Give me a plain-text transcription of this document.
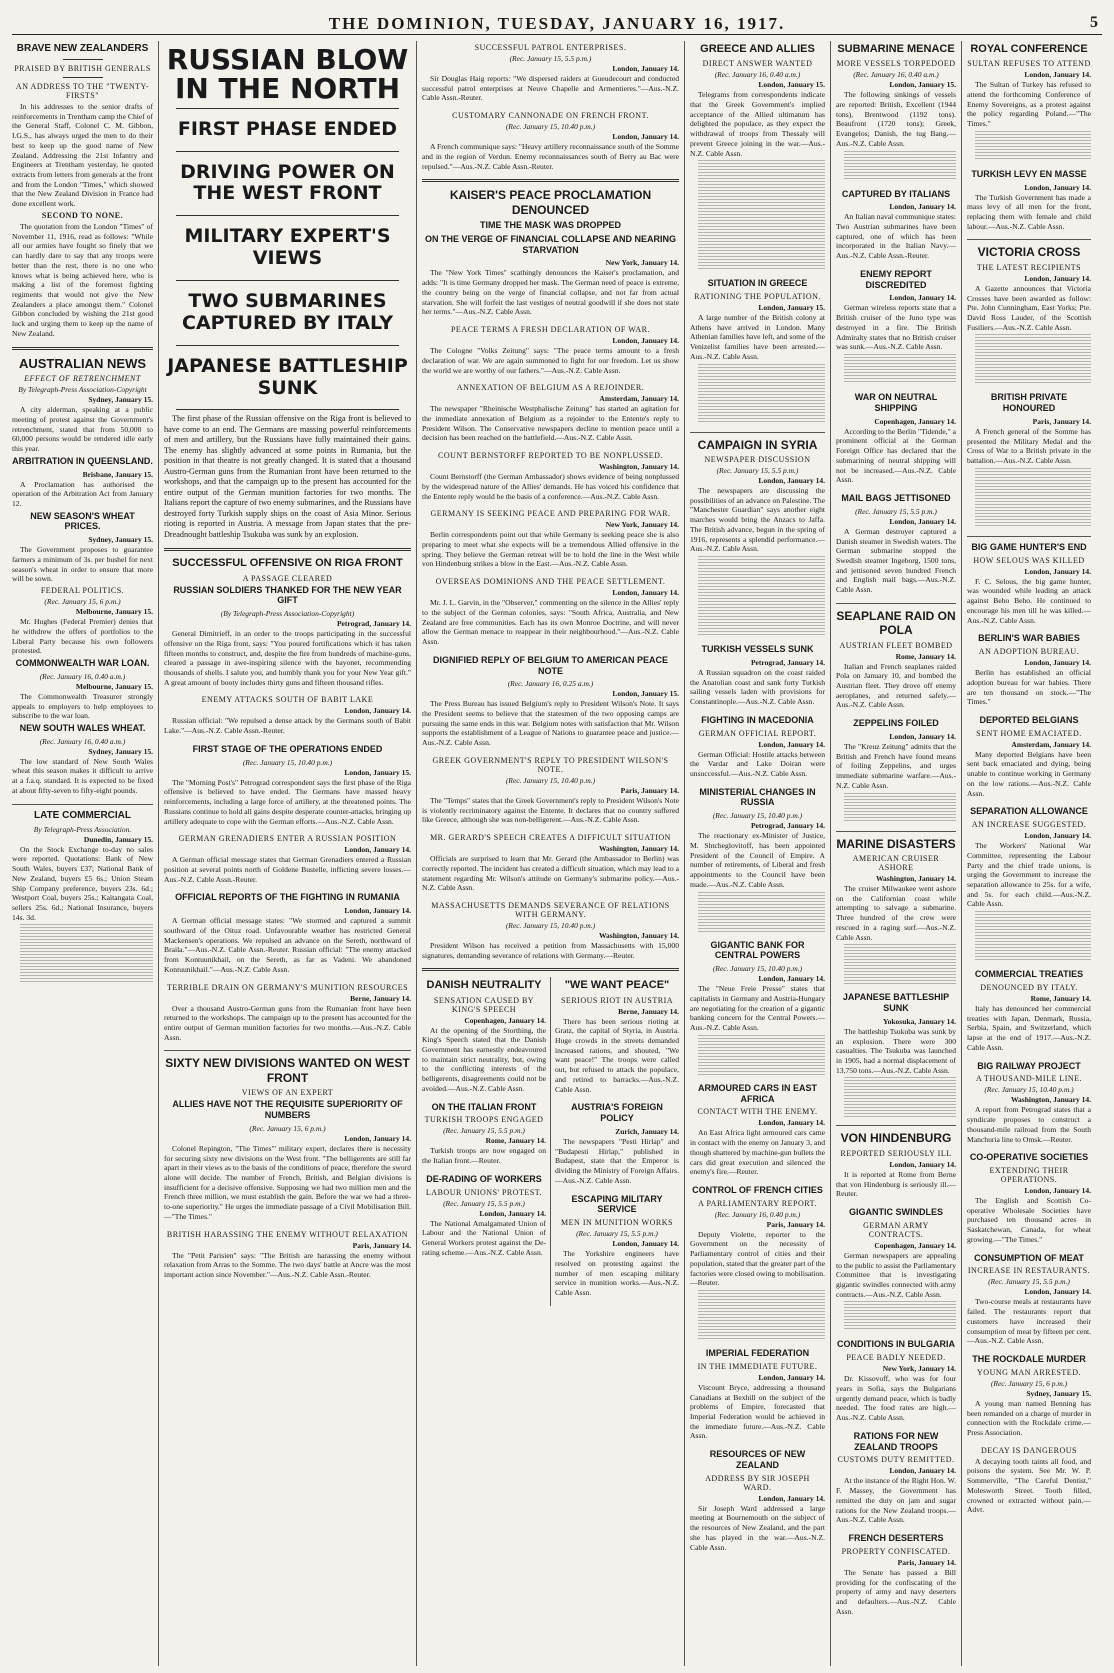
THE DOMINION, TUESDAY, JANUARY 16, 1917.	5
BRAVE NEW ZEALANDERS
PRAISED BY BRITISH GENERALS
AN ADDRESS TO THE "TWENTY-FIRSTS"

In his addresses to the senior drafts of reinforcements in Trentham camp the Chief of the General Staff, Colonel C. M. Gibbon, I.G.S., has always urged the men to do their best to keep up the good name of New Zealand. Addressing the 21st Infantry and Engineers at Trentham yesterday, he quoted extracts from letters from generals at the front and from the London "Times," which showed that the New Zealand Division in France had done excellent work.

SECOND TO NONE.

The quotation from the London "Times" of November 11, 1916, read as follows: "While all our armies have fought so finely that we can hardly dare to say that any troops were better than the rest, there is no one who knows what is being achieved here, who is making a list of the foremost fighting regiments that would not give the New Zealanders a place amongst them." Colonel Gibbon concluded by wishing the 21st good luck and urging them to keep up the name of New Zealand.

AUSTRALIAN NEWS
EFFECT OF RETRENCHMENT
By Telegraph-Press Association-Copyright
Sydney, January 15.

A city alderman, speaking at a public meeting of protest against the Government's retrenchment, stated that from 50,000 to 60,000 persons would be rendered idle early this year.

ARBITRATION IN QUEENSLAND.
Brisbane, January 15.

A Proclamation has authorised the operation of the Arbitration Act from January 12.

NEW SEASON'S WHEAT PRICES.
Sydney, January 15.

The Government proposes to guarantee farmers a minimum of 3s. per bushel for next season's wheat in order to ensure that more will be sown.

FEDERAL POLITICS.
(Rec. January 15, 6 p.m.)
Melbourne, January 15.

Mr. Hughes (Federal Premier) denies that he withdrew the offers of portfolios to the Liberal Party because his own followers protested.

COMMONWEALTH WAR LOAN.
(Rec. January 16, 0.40 a.m.)
Melbourne, January 15.

The Commonwealth Treasurer strongly appeals to employers to help employees to subscribe to the war loan.

NEW SOUTH WALES WHEAT.
(Rec. January 16, 0.40 a.m.)
Sydney, January 15.

The low standard of New South Wales wheat this season makes it difficult to arrive at a f.a.q. standard. It is expected to be fixed at about fifty-seven to fifty-eight pounds.

LATE COMMERCIAL
By Telegraph-Press Association.
Dunedin, January 15.

On the Stock Exchange to-day no sales were reported. Quotations: Bank of New South Wales, buyers £37; National Bank of New Zealand, buyers £5 6s.; Union Steam Ship Company preference, buyers 23s. 6d.; Westport Coal, buyers 25s.; Kaitangata Coal, sellers 25s. 6d.; National Insurance, buyers 14s. 3d.

RUSSIAN BLOW IN THE NORTH
FIRST PHASE ENDED
DRIVING POWER ON THE WEST FRONT
MILITARY EXPERT'S VIEWS
TWO SUBMARINES CAPTURED BY ITALY
JAPANESE BATTLESHIP SUNK

The first phase of the Russian offensive on the Riga front is believed to have come to an end. The Germans are massing powerful reinforcements of men and artillery, but the Russians have fully maintained their gains. The enemy has slightly advanced at some points in Rumania, but the position in that theatre is not greatly changed. It is stated that a thousand Austro-German guns from the Rumanian front have been returned to the workshops, and that the campaign up to the present has accounted for the entire output of the German munition factories for two months. The Italians report the capture of two enemy submarines, and the Russians have destroyed forty Turkish supply ships on the coast of Asia Minor. Serious rioting is reported in Austria. A message from Japan states that the pre-Dreadnought battleship Tsukuba was sunk by an explosion.

SUCCESSFUL OFFENSIVE ON RIGA FRONT
A PASSAGE CLEARED
RUSSIAN SOLDIERS THANKED FOR THE NEW YEAR GIFT
(By Telegraph-Press Association-Copyright)
Petrograd, January 14.

General Dimitrieff, in an order to the troops participating in the successful offensive on the Riga front, says: "You poured fortifications which it has taken fifteen months to construct, and, despite the fire from hundreds of machine-guns, cleared a passage in awe-inspiring silence with the bayonet, recommending thousands of shells. I salute you, and humbly thank you for your New Year gift." A great amount of booty includes thirty guns and fifteen thousand rifles.

ENEMY ATTACKS SOUTH OF BABIT LAKE
London, January 14.

Russian official: "We repulsed a dense attack by the Germans south of Babit Lake."—Aus.-N.Z. Cable Assn.-Reuter.

FIRST STAGE OF THE OPERATIONS ENDED
(Rec. January 15, 10.40 p.m.)
London, January 15.

The "Morning Post's" Petrograd correspondent says the first phase of the Riga offensive is believed to have ended. The Germans have massed heavy reinforcements, including a large force of artillery, at the threatened points. The Russians continue to hold all gains despite desperate counter-attacks, bringing up artillery adequate to cope with the German efforts.—Aus.-N.Z. Cable Assn.

GERMAN GRENADIERS ENTER A RUSSIAN POSITION
London, January 14.

A German official message states that German Grenadiers entered a Russian position at several points north of Goldene Bustelle, inflicting severe losses.—Aus.-N.Z. Cable Assn.-Reuter.

OFFICIAL REPORTS OF THE FIGHTING IN RUMANIA
London, January 14.

A German official message states: "We stormed and captured a summit southward of the Oituz road. Unfavourable weather has restricted General Mackensen's operations. We repulsed an advance on the Sereth, northward of Braila."—Aus.-N.Z. Cable Assn.-Reuter. Russian official: "The enemy attacked from Kontuunikhail, on the Sereth, as far as Vadeni. We abandoned Kontuunikhail."—Aus.-N.Z. Cable Assn.

TERRIBLE DRAIN ON GERMANY'S MUNITION RESOURCES
Berne, January 14.

Over a thousand Austro-German guns from the Rumanian front have been returned to the workshops. The campaign up to the present has accounted for the entire output of German munition factories for two months.—Aus.-N.Z. Cable Assn.

SIXTY NEW DIVISIONS WANTED ON WEST FRONT
VIEWS OF AN EXPERT
ALLIES HAVE NOT THE REQUISITE SUPERIORITY OF NUMBERS
(Rec. January 15, 6 p.m.)
London, January 14.

Colonel Repington, "The Times'" military expert, declares there is necessity for securing sixty new divisions on the West front. "The belligerents are still far apart in their views as to the basis of the conditions of peace, therefore the sword alone will decide. The number of French, British, and Belgian divisions is insufficient for a decisive offensive. Supposing we had two million men and the French three million, we must establish the gain. Before the war we had a three-to-one superiority." He urges the immediate passage of a Civil Mobilisation Bill.—"The Times."

BRITISH HARASSING THE ENEMY WITHOUT RELAXATION
Paris, January 14.

The "Petit Parisien" says: "The British are harassing the enemy without relaxation from Arras to the Somme. The two days' battle at Ancre was the most important action since November."—Aus.-N.Z. Cable Assn.-Reuter.

SUCCESSFUL PATROL ENTERPRISES.
(Rec. January 15, 5.5 p.m.)
London, January 14.

Sir Douglas Haig reports: "We dispersed raiders at Gueudecourt and conducted successful patrol enterprises at Neuve Chapelle and Armentieres."—Aus.-N.Z. Cable Assn.-Reuter.

CUSTOMARY CANNONADE ON FRENCH FRONT.
(Rec. January 15, 10.40 p.m.)
London, January 14.

A French communique says: "Heavy artillery reconnaissance south of the Somme and in the region of Verdun. Enemy reconnaissances south of Berry au Bac were repulsed."—Aus.-N.Z. Cable Assn.-Reuter.

KAISER'S PEACE PROCLAMATION DENOUNCED
TIME THE MASK WAS DROPPED
ON THE VERGE OF FINANCIAL COLLAPSE AND NEARING STARVATION
New York, January 14.

The "New York Times" scathingly denounces the Kaiser's proclamation, and adds: "It is time Germany dropped her mask. The German need of peace is extreme, the country being on the verge of financial collapse, and not far from actual starvation. She will forfeit the last vestiges of neutral goodwill if she does not state her terms."—Aus.-N.Z. Cable Assn.

PEACE TERMS A FRESH DECLARATION OF WAR.
London, January 14.

The Cologne "Volks Zeitung" says: "The peace terms amount to a fresh declaration of war. We are again summoned to fight for our freedom. Let us show the world we are worthy of our fathers."—Aus.-N.Z. Cable Assn.

ANNEXATION OF BELGIUM AS A REJOINDER.
Amsterdam, January 14.

The newspaper "Rheinische Westphalische Zeitung" has started an agitation for the immediate annexation of Belgium as a rejoinder to the Entente's reply to President Wilson. The Conservative newspapers decline to mention peace until a decision has been reached on the battlefield.—Aus.-N.Z. Cable Assn.

COUNT BERNSTORFF REPORTED TO BE NONPLUSSED.
Washington, January 14.

Count Bernstorff (the German Ambassador) shows evidence of being nonplussed by the widespread nature of the Allies' demands. He has voiced his confidence that the Entente reply would be the basis of a conference.—Aus.-N.Z. Cable Assn.

GERMANY IS SEEKING PEACE AND PREPARING FOR WAR.
New York, January 14.

Berlin correspondents point out that while Germany is seeking peace she is also preparing to meet what she expects will be a tremendous Allied offensive in the spring. They believe the German retreat will be to hold the line in the West while von Hindenburg strikes a blow in the East.—Aus.-N.Z. Cable Assn.

OVERSEAS DOMINIONS AND THE PEACE SETTLEMENT.
London, January 14.

Mr. J. L. Garvin, in the "Observer," commenting on the silence in the Allies' reply to the subject of the German colonies, says: "South Africa, Australia, and New Zealand are free communities. Each has its own Monroe Doctrine, and will never allow the German menace to reappear in their neighbourhood."—Aus.-N.Z. Cable Assn.

DIGNIFIED REPLY OF BELGIUM TO AMERICAN PEACE NOTE
(Rec. January 16, 0.25 a.m.)
London, January 15.

The Press Bureau has issued Belgium's reply to President Wilson's Note. It says the President seems to believe that the statesmen of the two opposing camps are pursuing the same ends in this war. Belgium notes with satisfaction that Mr. Wilson supports the establishment of a League of Nations to guarantee peace and justice.—Aus.-N.Z. Cable Assn.

GREEK GOVERNMENT'S REPLY TO PRESIDENT WILSON'S NOTE.
(Rec. January 15, 10.40 p.m.)
Paris, January 14.

The "Temps" states that the Greek Government's reply to President Wilson's Note is violently recriminatory against the Entente. It declares that no country suffered like Greece, although she was non-belligerent.—Aus.-N.Z. Cable Assn.

MR. GERARD'S SPEECH CREATES A DIFFICULT SITUATION
Washington, January 14.

Officials are surprised to learn that Mr. Gerard (the Ambassador to Berlin) was correctly reported. The incident has created a difficult situation, which may lead to a statement regarding Mr. Wilson's attitude on Germany's submarine policy.—Aus.-N.Z. Cable Assn.

MASSACHUSETTS DEMANDS SEVERANCE OF RELATIONS WITH GERMANY.
(Rec. January 15, 10.40 p.m.)
Washington, January 14.

President Wilson has received a petition from Massachusetts with 15,000 signatures, demanding severance of relations with Germany.—Reuter.

DANISH NEUTRALITY
SENSATION CAUSED BY KING'S SPEECH
Copenhagen, January 14.

At the opening of the Storthing, the King's Speech stated that the Danish Government has earnestly endeavoured to maintain strict neutrality, but, owing to the conflicting interests of the belligerents, disagreements could not be avoided.—Aus.-N.Z. Cable Assn.

ON THE ITALIAN FRONT
TURKISH TROOPS ENGAGED
(Rec. January 15, 5.5 p.m.)
Rome, January 14.

Turkish troops are now engaged on the Italian front.—Reuter.

DE-RADING OF WORKERS
LABOUR UNIONS' PROTEST.
(Rec. January 15, 5.5 p.m.)
London, January 14.

The National Amalgamated Union of Labour and the National Union of General Workers protest against the De-rating scheme.—Aus.-N.Z. Cable Assn.

"WE WANT PEACE"
SERIOUS RIOT IN AUSTRIA
Berne, January 14.

There has been serious rioting at Gratz, the capital of Styria, in Austria. Huge crowds in the streets demanded increased rations, and shouted, "We want peace!" The troops were called out, but refused to attack the populace, and retired to barracks.—Aus.-N.Z. Cable Assn.

AUSTRIA'S FOREIGN POLICY
Zurich, January 14.

The newspapers "Pesti Hirlap" and "Budapesti Hirlap," published in Budapest, state that the Emperor is dividing the Ministry of Foreign Affairs.—Aus.-N.Z. Cable Assn.

ESCAPING MILITARY SERVICE
MEN IN MUNITION WORKS
(Rec. January 15, 5.5 p.m.)
London, January 14.

The Yorkshire engineers have resolved on protesting against the number of men escaping military service in munition works.—Aus.-N.Z. Cable Assn.

GREECE AND ALLIES
DIRECT ANSWER WANTED
(Rec. January 16, 0.40 a.m.)
London, January 15.

Telegrams from correspondents indicate that the Greek Government's implied acceptance of the Allied ultimatum has delighted the populace, as they expect the withdrawal of troops from Thessaly will prevent Greece joining in the war.—Aus.-N.Z. Cable Assn.

SITUATION IN GREECE
RATIONING THE POPULATION.
London, January 15.

A large number of the British colony at Athens have arrived in London. Many Athenian families have left, and some of the Venizelist families have been arrested.—Aus.-N.Z. Cable Assn.

CAMPAIGN IN SYRIA
NEWSPAPER DISCUSSION
(Rec. January 15, 5.5 p.m.)
London, January 14.

The newspapers are discussing the possibilities of an advance on Palestine. The "Manchester Guardian" says another eight marches would bring the Anzacs to Jaffa. The British advance, begun in the spring of 1916, represents a splendid performance.—Aus.-N.Z. Cable Assn.

TURKISH VESSELS SUNK
Petrograd, January 14.

A Russian squadron on the coast raided the Anatolian coast and sank forty Turkish sailing vessels laden with provisions for Constantinople.—Aus.-N.Z. Cable Assn.

FIGHTING IN MACEDONIA
GERMAN OFFICIAL REPORT.
London, January 14.

German Official: Hostile attacks between the Vardar and Lake Doiran were unsuccessful.—Aus.-N.Z. Cable Assn.

MINISTERIAL CHANGES IN RUSSIA
(Rec. January 15, 10.40 p.m.)
Petrograd, January 14.

The reactionary ex-Minister of Justice, M. Shtcheglovitoff, has been appointed President of the Council of Empire. A number of retirements, of Liberal and fresh appointments to the Council have been made.—Aus.-N.Z. Cable Assn.

GIGANTIC BANK FOR CENTRAL POWERS
(Rec. January 15, 10.40 p.m.)
London, January 14.

The "Neue Freie Presse" states that capitalists in Germany and Austria-Hungary are negotiating for the creation of a gigantic banking concern for the Central Powers.—Aus.-N.Z. Cable Assn.

ARMOURED CARS IN EAST AFRICA
CONTACT WITH THE ENEMY.
London, January 14.

An East Africa light armoured cars came in contact with the enemy on January 3, and though shattered by machine-gun bullets the cars did great execution and silenced the enemy's fire.—Reuter.

CONTROL OF FRENCH CITIES
A PARLIAMENTARY REPORT.
(Rec. January 16, 0.40 p.m.)
Paris, January 14.

Deputy Violette, reporter to the Government on the necessity of Parliamentary control of cities and their population, stated that the greater part of the factories were closed owing to mobilisation.—Reuter.

IMPERIAL FEDERATION
IN THE IMMEDIATE FUTURE.
London, January 14.

Viscount Bryce, addressing a thousand Canadians at Bexhill on the subject of the problems of Empire, forecasted that Imperial Federation would be achieved in the immediate future.—Aus.-N.Z. Cable Assn.

RESOURCES OF NEW ZEALAND
ADDRESS BY SIR JOSEPH WARD.
London, January 14.

Sir Joseph Ward addressed a large meeting at Bournemouth on the subject of the resources of New Zealand, and the part she has played in the war.—Aus.-N.Z. Cable Assn.

SUBMARINE MENACE
MORE VESSELS TORPEDOED
(Rec. January 16, 0.40 a.m.)
London, January 15.

The following sinkings of vessels are reported: British, Excellent (1944 tons), Brentwood (1192 tons). Beaufront (1720 tons); Greek, Evangelos; Danish, the tug Bang.—Aus.-N.Z. Cable Assn.

CAPTURED BY ITALIANS
London, January 14.

An Italian naval communique states: Two Austrian submarines have been captured, one of which has been incorporated in the Italian Navy.—Aus.-N.Z. Cable Assn.-Reuter.

ENEMY REPORT DISCREDITED
London, January 14.

German wireless reports state that a British cruiser of the Juno type was destroyed in a fire. The British Admiralty states that no British cruiser was sunk.—Aus.-N.Z. Cable Assn.

WAR ON NEUTRAL SHIPPING
Copenhagen, January 14.

According to the Berlin "Tidende," a prominent official at the German Foreign Office has declared that the submarining of neutral shipping will not be increased.—Aus.-N.Z. Cable Assn.

MAIL BAGS JETTISONED
(Rec. January 15, 5.5 p.m.)
London, January 14.

A German destroyer captured a Danish steamer in Swedish waters. The German submarine stopped the Swedish steamer Ingeborg, 1500 tons, and jettisoned seven hundred French and English mail bags.—Aus.-N.Z. Cable Assn.

SEAPLANE RAID ON POLA
AUSTRIAN FLEET BOMBED
Rome, January 14.

Italian and French seaplanes raided Pola on January 10, and bombed the Austrian fleet. They drove off enemy aeroplanes, and returned safely.—Aus.-N.Z. Cable Assn.

ZEPPELINS FOILED
London, January 14.

The "Kreuz Zeitung" admits that the British and French have found means of foiling Zeppelins, and urges immediate submarine warfare.—Aus.-N.Z. Cable Assn.

MARINE DISASTERS
AMERICAN CRUISER ASHORE
Washington, January 14.

The cruiser Milwaukee went ashore on the Californian coast while attempting to salvage a submarine. Three hundred of the crew were rescued in a raging surf.—Aus.-N.Z. Cable Assn.

JAPANESE BATTLESHIP SUNK
Yokosuka, January 14.

The battleship Tsukuba was sunk by an explosion. There were 300 casualties. The Tsukuba was launched in 1905, had a normal displacement of 13,750 tons.—Aus.-N.Z. Cable Assn.

VON HINDENBURG
REPORTED SERIOUSLY ILL
London, January 14.

It is reported at Rome from Berne that von Hindenburg is seriously ill.—Reuter.

GIGANTIC SWINDLES
GERMAN ARMY CONTRACTS.
Copenhagen, January 14.

German newspapers are appealing to the public to assist the Parliamentary Committee that is investigating gigantic swindles connected with army contracts.—Aus.-N.Z. Cable Assn.

CONDITIONS IN BULGARIA
PEACE BADLY NEEDED.
New York, January 14.

Dr. Kissovoff, who was for four years in Sofia, says the Bulgarians urgently demand peace, which is badly needed. The food rates are high.—Aus.-N.Z. Cable Assn.

RATIONS FOR NEW ZEALAND TROOPS
CUSTOMS DUTY REMITTED.
London, January 14.

At the instance of the Right Hon. W. F. Massey, the Government has remitted the duty on jam and sugar rations for the New Zealand troops.—Aus.-N.Z. Cable Assn.

FRENCH DESERTERS
PROPERTY CONFISCATED.
Paris, January 14.

The Senate has passed a Bill providing for the confiscating of the property of army and navy deserters and defaulters.—Aus.-N.Z. Cable Assn.

ROYAL CONFERENCE
SULTAN REFUSES TO ATTEND
London, January 14.

The Sultan of Turkey has refused to attend the forthcoming Conference of Enemy Sovereigns, as a protest against the policy regarding Poland.—"The Times."

TURKISH LEVY EN MASSE
London, January 14.

The Turkish Government has made a mass levy of all men for the front, replacing them with female and child labour.—Aus.-N.Z. Cable Assn.

VICTORIA CROSS
THE LATEST RECIPIENTS
London, January 14.

A Gazette announces that Victoria Crosses have been awarded as follow: Pte. John Cunningham, East Yorks; Pte. David Ross Lauder, of the Scottish Fusiliers.—Aus.-N.Z. Cable Assn.

BRITISH PRIVATE HONOURED
Paris, January 14.

A French general of the Somme has presented the Military Medal and the Cross of War to a British private in the battalion.—Aus.-N.Z. Cable Assn.

BIG GAME HUNTER'S END
HOW SELOUS WAS KILLED
London, January 14.

F. C. Selous, the big game hunter, was wounded while leading an attack against Beho Beho. He continued to encourage his men till he was killed.—Aus.-N.Z. Cable Assn.

BERLIN'S WAR BABIES
AN ADOPTION BUREAU.
London, January 14.

Berlin has established an official adoption bureau for war babies. There are ten thousand on stock.—"The Times."

DEPORTED BELGIANS
SENT HOME EMACIATED.
Amsterdam, January 14.

Many deported Belgians have been sent back emaciated and dying, being unable to continue working in Germany on the low rations.—Aus.-N.Z. Cable Assn.

SEPARATION ALLOWANCE
AN INCREASE SUGGESTED.
London, January 14.

The Workers' National War Committee, representing the Labour Party and the chief trade unions, is urging the Government to increase the separation allowance to 25s. for a wife, and 5s. for each child.—Aus.-N.Z. Cable Assn.

COMMERCIAL TREATIES
DENOUNCED BY ITALY.
Rome, January 14.

Italy has denounced her commercial treaties with Japan, Denmark, Russia, Serbia, Spain, and Switzerland, which lapse at the end of 1917.—Aus.-N.Z. Cable Assn.

BIG RAILWAY PROJECT
A THOUSAND-MILE LINE.
(Rec. January 15, 10.40 p.m.)
Washington, January 14.

A report from Petrograd states that a syndicate proposes to construct a thousand-mile railroad from the South Manchuria line to Omsk.—Reuter.

CO-OPERATIVE SOCIETIES
EXTENDING THEIR OPERATIONS.
London, January 14.

The English and Scottish Co-operative Wholesale Societies have purchased ten thousand acres in Saskatchewan, Canada, for wheat growing.—"The Times."

CONSUMPTION OF MEAT
INCREASE IN RESTAURANTS.
(Rec. January 15, 5.5 p.m.)
London, January 14.

Two-course meals at restaurants have failed. The restaurants report that customers have increased their consumption of meat by fifteen per cent.—Aus.-N.Z. Cable Assn.

THE ROCKDALE MURDER
YOUNG MAN ARRESTED.
(Rec. January 15, 6 p.m.)
Sydney, January 15.

A young man named Benning has been remanded on a charge of murder in connection with the Rockdale crime.—Press Association.

DECAY IS DANGEROUS

A decaying tooth taints all food, and poisons the system. See Mr. W. P. Sommerville, "The Careful Dentist," Molesworth Street. Tooth filled, crowned or extracted without pain.—Advt.
